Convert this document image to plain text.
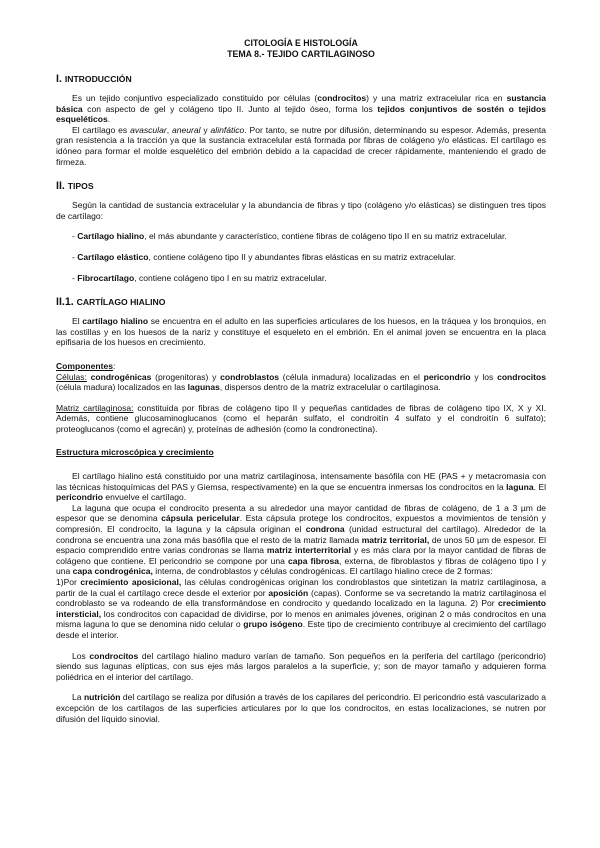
CITOLOGÍA E HISTOLOGÍA
TEMA 8.- TEJIDO CARTILAGINOSO
I. INTRODUCCIÓN

Es un tejido conjuntivo especializado constituido por células (condrocitos) y una matriz extracelular rica en sustancia básica con aspecto de gel y colágeno tipo II. Junto al tejido óseo, forma los tejidos conjuntivos de sostén o tejidos esqueléticos.

El cartílago es avascular, aneural y alinfático. Por tanto, se nutre por difusión, determinando su espesor. Además, presenta gran resistencia a la tracción ya que la sustancia extracelular está formada por fibras de colágeno y/o elásticas. El cartílago es idóneo para formar el molde esquelético del embrión debido a la capacidad de crecer rápidamente, manteniendo el grado de firmeza.

II. TIPOS

Según la cantidad de sustancia extracelular y la abundancia de fibras y tipo (colágeno y/o elásticas) se distinguen tres tipos de cartílago:

- Cartílago hialino, el más abundante y característico, contiene fibras de colágeno tipo II en su matriz extracelular.

- Cartílago elástico, contiene colágeno tipo II y abundantes fibras elásticas en su matriz extracelular.

- Fibrocartílago, contiene colágeno tipo I en su matriz extracelular.

II.1. CARTÍLAGO HIALINO

El cartílago hialino se encuentra en el adulto en las superficies articulares de los huesos, en la tráquea y los bronquios, en las costillas y en los huesos de la nariz y constituye el esqueleto en el embrión. En el animal joven se encuentra en la placa epifisaria de los huesos en crecimiento.

Componentes:

Células: condrogénicas (progenitoras) y condroblastos (célula inmadura) localizadas en el pericondrio y los condrocitos (célula madura) localizados en las lagunas, dispersos dentro de la matriz extracelular o cartilaginosa.

Matriz cartilaginosa: constituida por fibras de colágeno tipo II y pequeñas cantidades de fibras de colágeno tipo IX, X y XI. Además, contiene glucosaminoglucanos (como el heparán sulfato, el condroitín 4 sulfato y el condroitín 6 sulfato); proteoglucanos (como el agrecán) y, proteínas de adhesión (como la condronectina).

Estructura microscópica y crecimiento

El cartílago hialino está constituido por una matriz cartilaginosa, intensamente basófila con HE (PAS + y metacromasia con las técnicas histoquímicas del PAS y Giemsa, respectivamente) en la que se encuentra inmersas los condrocitos en la laguna. El pericondrio envuelve el cartílago.

La laguna que ocupa el condrocito presenta a su alrededor una mayor cantidad de fibras de colágeno, de 1 a 3 µm de espesor que se denomina cápsula pericelular. Esta cápsula protege los condrocitos, expuestos a movimientos de tensión y compresión. El condrocito, la laguna y la cápsula originan el condrona (unidad estructural del cartílago). Alrededor de la condrona se encuentra una zona más basófila que el resto de la matriz llamada matriz territorial, de unos 50 µm de espesor. El espacio comprendido entre varias condronas se llama matriz interterritorial y es más clara por la mayor cantidad de fibras de colágeno que contiene. El pericondrio se compone por una capa fibrosa, externa, de fibroblastos y fibras de colágeno tipo I y una capa condrogénica, interna, de condroblastos y células condrogénicas. El cartílago hialino crece de 2 formas:

1)Por crecimiento aposicional, las células condrogénicas originan los condroblastos que sintetizan la matriz cartilaginosa, a partir de la cual el cartílago crece desde el exterior por aposición (capas). Conforme se va secretando la matriz cartilaginosa el condroblasto se va rodeando de ella transformándose en condrocito y quedando localizado en la laguna. 2) Por crecimiento intersticial, los condrocitos con capacidad de dividirse, por lo menos en animales jóvenes, originan 2 o más condrocitos en una misma laguna lo que se denomina nido celular o grupo isógeno. Este tipo de crecimiento contribuye al crecimiento del cartílago desde el interior.

Los condrocitos del cartílago hialino maduro varían de tamaño. Son pequeños en la periferia del cartílago (pericondrio) siendo sus lagunas elípticas, con sus ejes más largos paralelos a la superficie, y; son de mayor tamaño y adquieren forma poliédrica en el interior del cartílago.

La nutrición del cartílago se realiza por difusión a través de los capilares del pericondrio. El pericondrio está vascularizado a excepción de los cartílagos de las superficies articulares por lo que los condrocitos, en estas localizaciones, se nutren por difusión del líquido sinovial.
